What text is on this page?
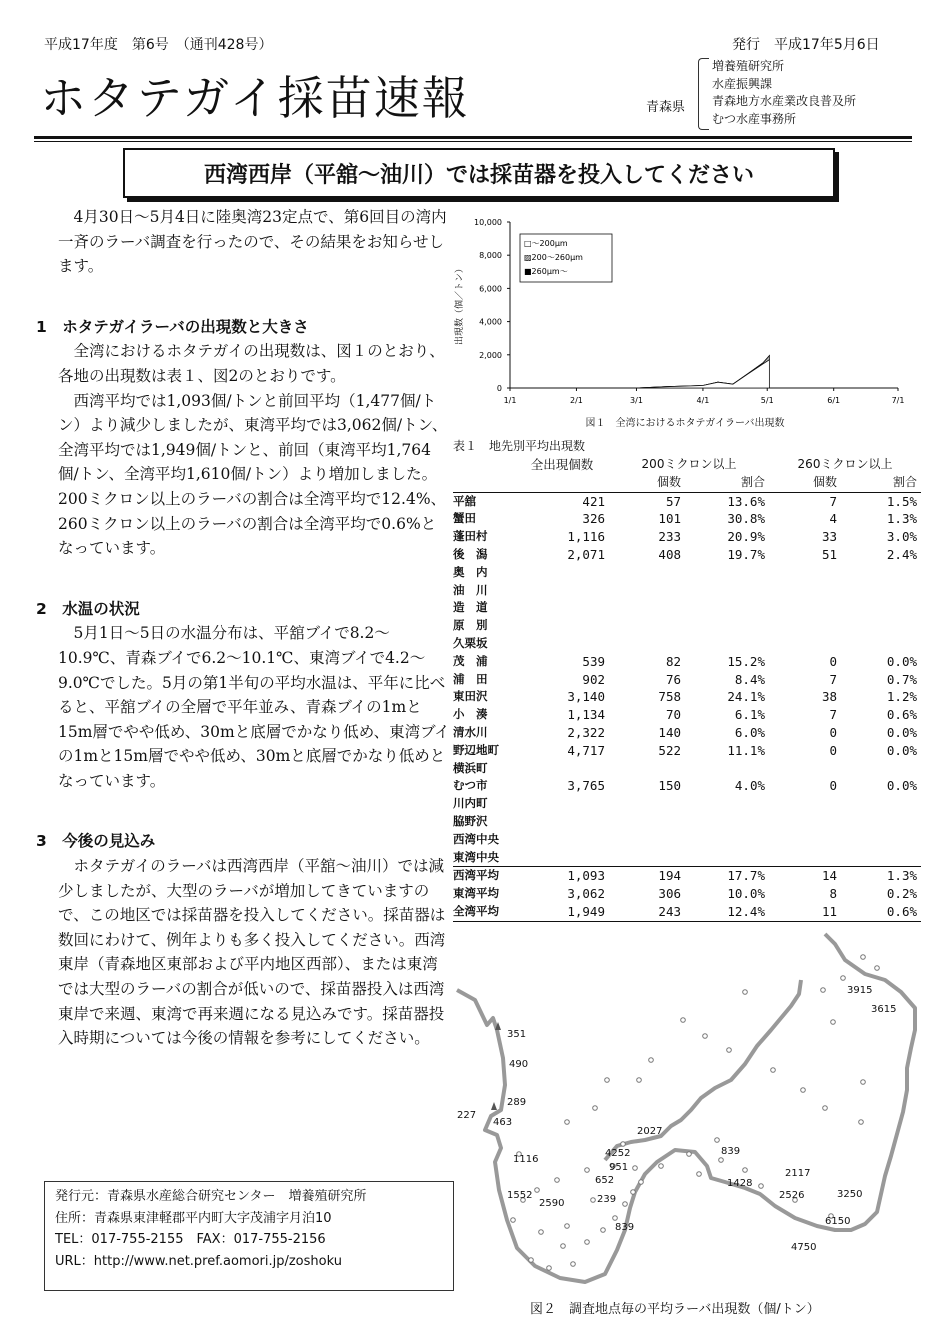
平成17年度　第6号　（通刊428号）	発行　平成17年5月6日
ホタテガイ採苗速報	青森県
増養殖研究所
水産振興課
青森地方水産業改良普及所
むつ水産事務所
西湾西岸（平舘～油川）では採苗器を投入してください

4月30日～5月4日に陸奥湾23定点で、第6回目の湾内一斉のラーバ調査を行ったので、その結果をお知らせします。

1　ホタテガイラーバの出現数と大きさ

全湾におけるホタテガイの出現数は、図１のとおり、各地の出現数は表１、図2のとおりです。

西湾平均では1,093個/トンと前回平均（1,477個/トン）より減少しましたが、東湾平均では3,062個/トン、全湾平均では1,949個/トンと、前回（東湾平均1,764個/トン、全湾平均1,610個/トン）より増加しました。200ミクロン以上のラーバの割合は全湾平均で12.4%、260ミクロン以上のラーバの割合は全湾平均で0.6%となっています。

2　水温の状況

5月1日～5日の水温分布は、平舘ブイで8.2～10.9℃、青森ブイで6.2～10.1℃、東湾ブイで4.2～9.0℃でした。5月の第1半旬の平均水温は、平年に比べると、平舘ブイの全層で平年並み、青森ブイの1mと15m層でやや低め、30mと底層でかなり低め、東湾ブイの1mと15m層でやや低め、30mと底層でかなり低めとなっています。

3　今後の見込み

ホタテガイのラーバは西湾西岸（平舘～油川）では減少しましたが、大型のラーバが増加してきていますので、この地区では採苗器を投入してください。採苗器は数回にわけて、例年よりも多く投入してください。西湾東岸（青森地区東部および平内地区西部）、または東湾では大型のラーバの割合が低いので、採苗器投入は西湾東岸で来週、東湾で再来週になる見込みです。採苗器投入時期については今後の情報を参考にしてください。

発行元：青森県水産総合研究センター　増養殖研究所
住所：青森県東津軽郡平内町大字茂浦字月泊10
TEL：017-755-2155　FAX：017-755-2156
URL：http://www.net.pref.aomori.jp/zoshoku
出現数（個／トン）
図１　全湾におけるホタテガイラーバ出現数
0
2,000
4,000
6,000
8,000
10,000
1/1	2/1	3/1	4/1	5/1	6/1	7/1
□～200μm
▨200～260μm
■260μm～
表１　地先別平均出現数
	全出現個数	200ミクロン以上		260ミクロン以上	
		個数	割合	個数	割合
平舘	421	57	13.6%	7	1.5%
蟹田	326	101	30.8%	4	1.3%
蓬田村	1,116	233	20.9%	33	3.0%
後　潟	2,071	408	19.7%	51	2.4%
奥　内					
油　川					
造　道					
原　別					
久栗坂					
茂　浦	539	82	15.2%	0	0.0%
浦　田	902	76	8.4%	7	0.7%
東田沢	3,140	758	24.1%	38	1.2%
小　湊	1,134	70	6.1%	7	0.6%
清水川	2,322	140	6.0%	0	0.0%
野辺地町	4,717	522	11.1%	0	0.0%
横浜町					
むつ市	3,765	150	4.0%	0	0.0%
川内町					
脇野沢					
西湾中央					
東湾中央					
西湾平均	1,093	194	17.7%	14	1.3%
東湾平均	3,062	306	10.0%	8	0.2%
全湾平均	1,949	243	12.4%	11	0.6%
3915
3615
351
490
289
227
463
2027
4252	839
1116
951
652	1428
2117
2526	3250
1552
2590	239
839
6150
4750
図２　調査地点毎の平均ラーバ出現数（個/トン）
